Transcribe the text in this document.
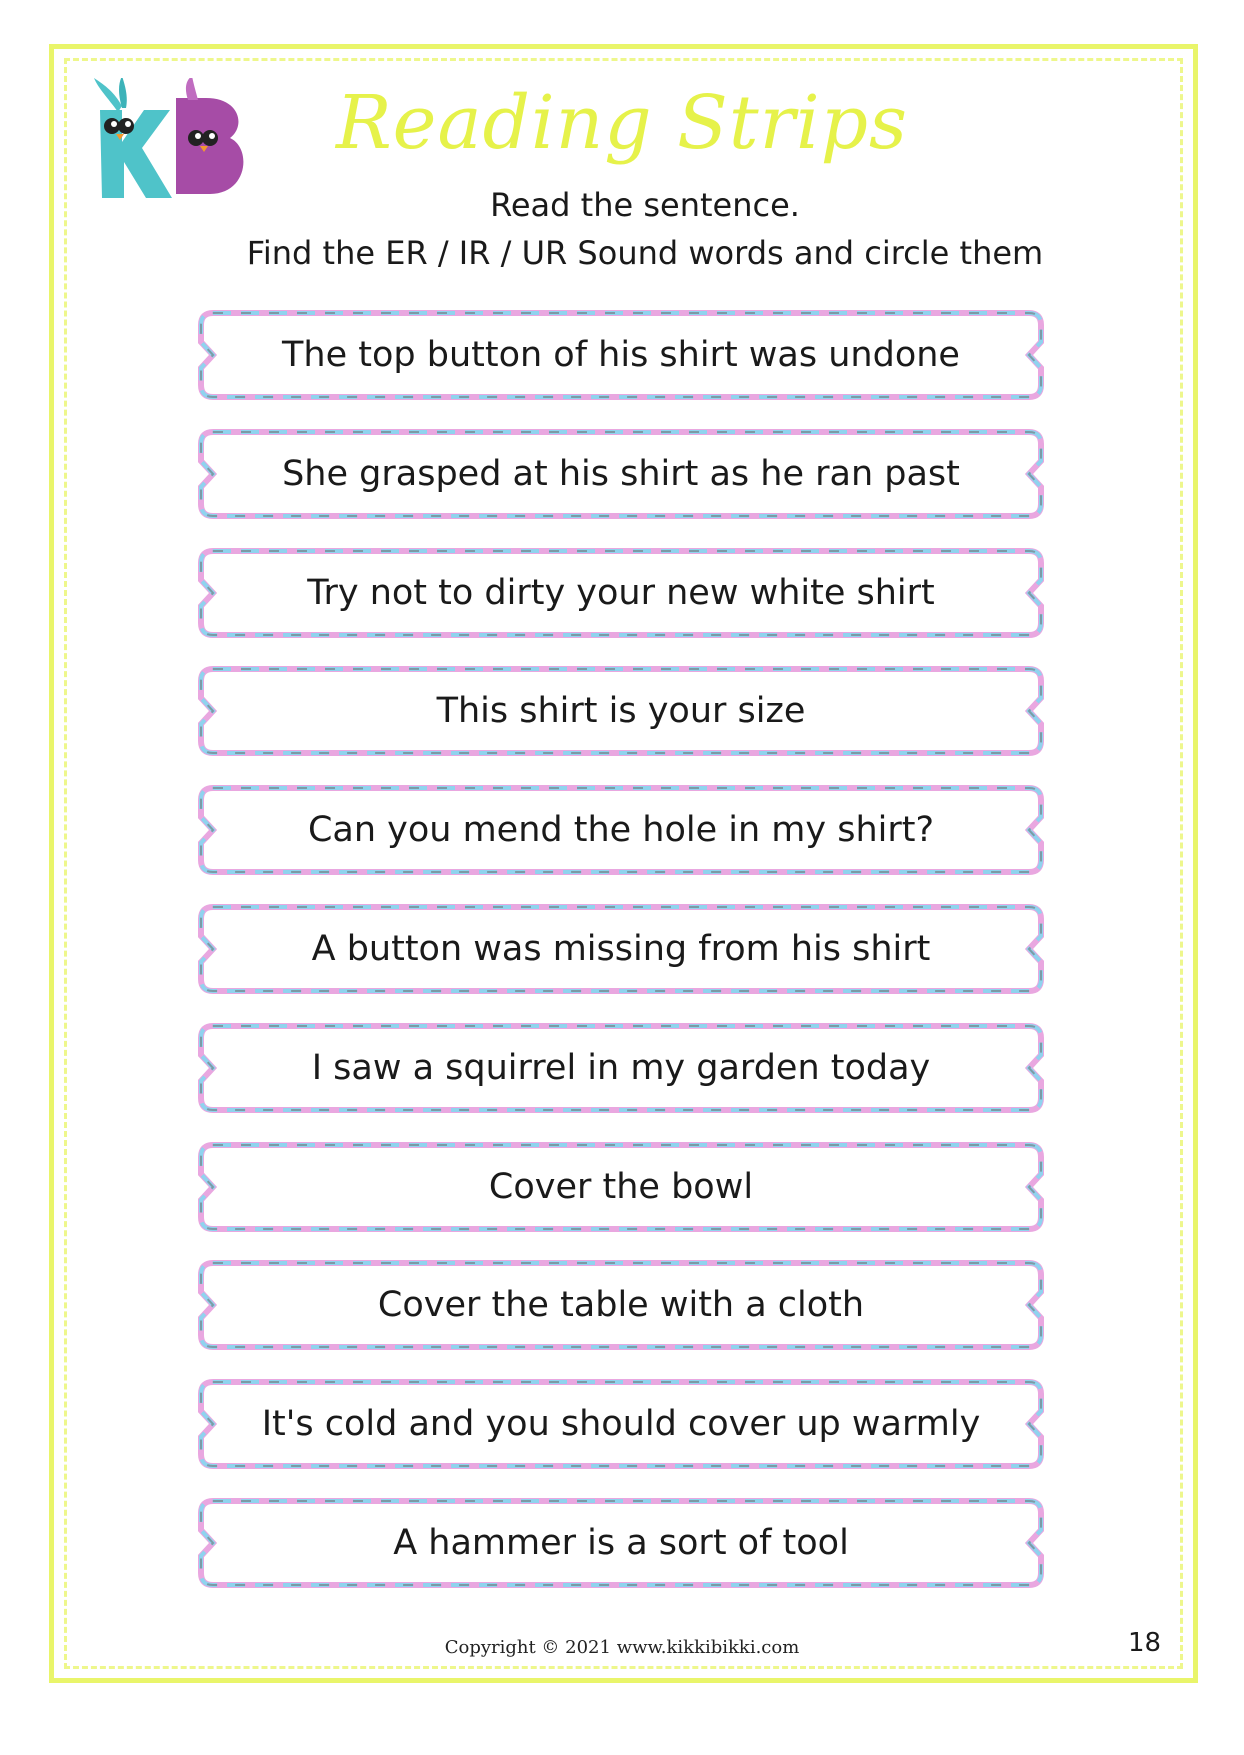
Reading Strips
Read the sentence.
Find the ER / IR / UR Sound words and circle them
The top button of his shirt was undone
She grasped at his shirt as he ran past
Try not to dirty your new white shirt
This shirt is your size
Can you mend the hole in my shirt?
A button was missing from his shirt
I saw a squirrel in my garden today
Cover the bowl
Cover the table with a cloth
It's cold and you should cover up warmly
A hammer is a sort of tool
Copyright © 2021 www.kikkibikki.com	18
